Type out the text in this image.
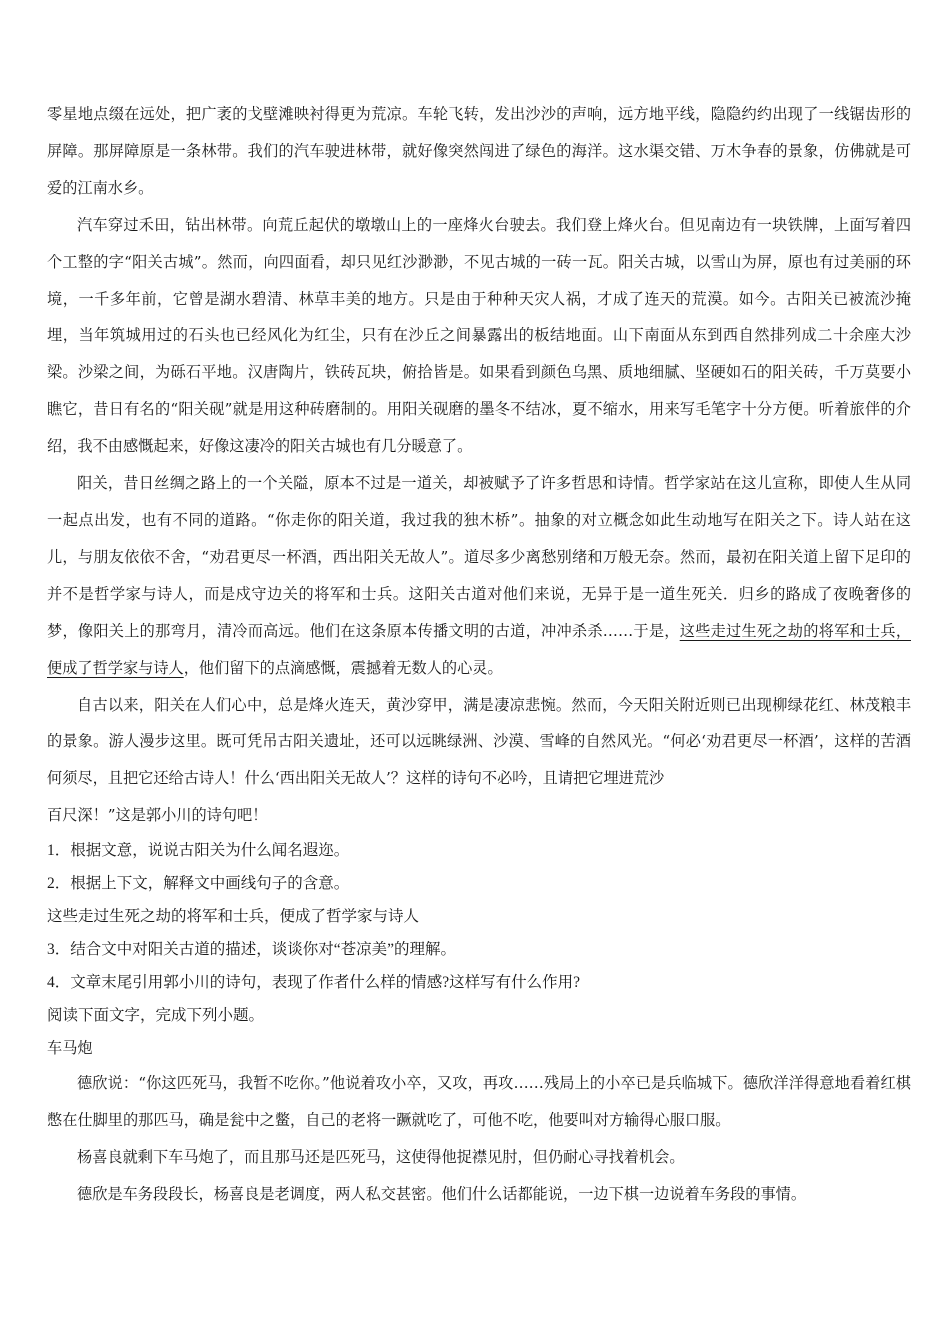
零星地点缀在远处，把广袤的戈壁滩映衬得更为荒凉。车轮飞转，发出沙沙的声响，远方地平线，隐隐约约出现了一线锯齿形的屏障。那屏障原是一条林带。我们的汽车驶进林带，就好像突然闯进了绿色的海洋。这水渠交错、万木争春的景象，仿佛就是可爱的江南水乡。

汽车穿过禾田，钻出林带。向荒丘起伏的墩墩山上的一座烽火台驶去。我们登上烽火台。但见南边有一块铁牌，上面写着四个工整的字“阳关古城”。然而，向四面看，却只见红沙渺渺，不见古城的一砖一瓦。阳关古城，以雪山为屏，原也有过美丽的环境，一千多年前，它曾是湖水碧清、林草丰美的地方。只是由于种种天灾人祸，才成了连天的荒漠。如今。古阳关已被流沙掩埋，当年筑城用过的石头也已经风化为红尘，只有在沙丘之间暴露出的板结地面。山下南面从东到西自然排列成二十余座大沙梁。沙梁之间，为砾石平地。汉唐陶片，铁砖瓦块，俯拾皆是。如果看到颜色乌黑、质地细腻、坚硬如石的阳关砖，千万莫要小瞧它，昔日有名的“阳关砚”就是用这种砖磨制的。用阳关砚磨的墨冬不结冰，夏不缩水，用来写毛笔字十分方便。听着旅伴的介绍，我不由感慨起来，好像这凄冷的阳关古城也有几分暖意了。

阳关，昔日丝绸之路上的一个关隘，原本不过是一道关，却被赋予了许多哲思和诗情。哲学家站在这儿宣称，即使人生从同一起点出发，也有不同的道路。“你走你的阳关道，我过我的独木桥”。抽象的对立概念如此生动地写在阳关之下。诗人站在这儿，与朋友依依不舍，“劝君更尽一杯酒，西出阳关无故人”。道尽多少离愁别绪和万般无奈。然而，最初在阳关道上留下足印的并不是哲学家与诗人，而是戍守边关的将军和士兵。这阳关古道对他们来说，无异于是一道生死关．归乡的路成了夜晚奢侈的梦，像阳关上的那弯月，清冷而高远。他们在这条原本传播文明的古道，冲冲杀杀……于是，这些走过生死之劫的将军和士兵，便成了哲学家与诗人，他们留下的点滴感慨，震撼着无数人的心灵。

自古以来，阳关在人们心中，总是烽火连天，黄沙穿甲，满是凄凉悲惋。然而，今天阳关附近则已出现柳绿花红、林茂粮丰的景象。游人漫步这里。既可凭吊古阳关遗址，还可以远眺绿洲、沙漠、雪峰的自然风光。“何必‘劝君更尽一杯酒’，这样的苦酒何须尽，且把它还给古诗人！什么‘西出阳关无故人’？这样的诗句不必吟，且请把它埋进荒沙

百尺深！”这是郭小川的诗句吧！

1．根据文意，说说古阳关为什么闻名遐迩。

2．根据上下文，解释文中画线句子的含意。

这些走过生死之劫的将军和士兵，便成了哲学家与诗人

3．结合文中对阳关古道的描述，谈谈你对“苍凉美”的理解。

4．文章末尾引用郭小川的诗句，表现了作者什么样的情感?这样写有什么作用?

阅读下面文字，完成下列小题。

车马炮

德欣说：“你这匹死马，我暂不吃你。”他说着攻小卒，又攻，再攻……残局上的小卒已是兵临城下。德欣洋洋得意地看着红棋憋在仕脚里的那匹马，确是瓮中之鳖，自己的老将一蹶就吃了，可他不吃，他要叫对方输得心服口服。

杨喜良就剩下车马炮了，而且那马还是匹死马，这使得他捉襟见肘，但仍耐心寻找着机会。

德欣是车务段段长，杨喜良是老调度，两人私交甚密。他们什么话都能说，一边下棋一边说着车务段的事情。
